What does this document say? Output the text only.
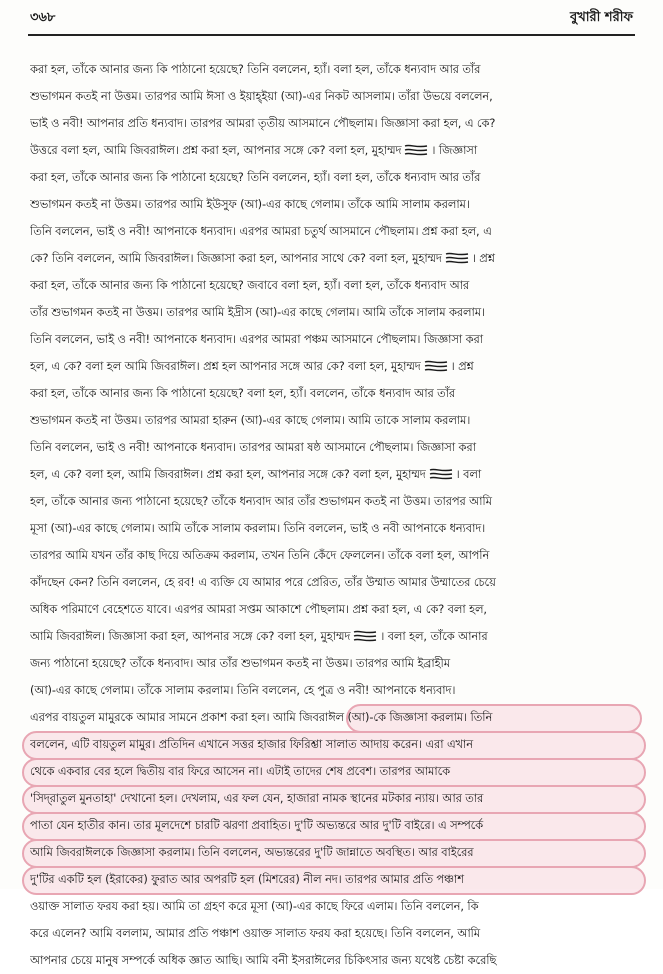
৩৬৮	বুখারী শরীফ
করা হল, তাঁকে আনার জন্য কি পাঠানো হয়েছে? তিনি বললেন, হ্যাঁ। বলা হল, তাঁকে ধন্যবাদ আর তাঁর
শুভাগমন কতই না উত্তম। তারপর আমি ঈসা ও ইয়াহ্ইয়া (আ)-এর নিকট আসলাম। তাঁরা উভয়ে বললেন,
ভাই ও নবী! আপনার প্রতি ধন্যবাদ। তারপর আমরা তৃতীয় আসমানে পৌছলাম। জিজ্ঞাসা করা হল, এ কে?
উত্তরে বলা হল, আমি জিবরাঈল। প্রশ্ন করা হল, আপনার সঙ্গে কে? বলা হল, মুহাম্মদ	। জিজ্ঞাসা
করা হল, তাঁকে আনার জন্য কি পাঠানো হয়েছে? তিনি বললেন, হ্যাঁ। বলা হল, তাঁকে ধন্যবাদ আর তাঁর
শুভাগমন কতই না উত্তম। তারপর আমি ইউসুফ (আ)-এর কাছে গেলাম। তাঁকে আমি সালাম করলাম।
তিনি বললেন, ভাই ও নবী! আপনাকে ধন্যবাদ। এরপর আমরা চতুর্থ আসমানে পৌছলাম। প্রশ্ন করা হল, এ
কে? তিনি বললেন, আমি জিবরাঈল। জিজ্ঞাসা করা হল, আপনার সাথে কে? বলা হল, মুহাম্মদ	। প্রশ্ন
করা হল, তাঁকে আনার জন্য কি পাঠানো হয়েছে? জবাবে বলা হল, হ্যাঁ। বলা হল, তাঁকে ধন্যবাদ আর
তাঁর শুভাগমন কতই না উত্তম। তারপর আমি ইদ্রীস (আ)-এর কাছে গেলাম। আমি তাঁকে সালাম করলাম।
তিনি বললেন, ভাই ও নবী! আপনাকে ধন্যবাদ। এরপর আমরা পঞ্চম আসমানে পৌছলাম। জিজ্ঞাসা করা
হল, এ কে? বলা হল আমি জিবরাঈল। প্রশ্ন হল আপনার সঙ্গে আর কে? বলা হল, মুহাম্মদ	। প্রশ্ন
করা হল, তাঁকে আনার জন্য কি পাঠানো হয়েছে? বলা হল, হ্যাঁ। বললেন, তাঁকে ধন্যবাদ আর তাঁর
শুভাগমন কতই না উত্তম। তারপর আমরা হারুন (আ)-এর কাছে গেলাম। আমি তাকে সালাম করলাম।
তিনি বললেন, ভাই ও নবী! আপনাকে ধন্যবাদ। তারপর আমরা ষষ্ঠ আসমানে পৌছলাম। জিজ্ঞাসা করা
হল, এ কে? বলা হল, আমি জিবরাঈল। প্রশ্ন করা হল, আপনার সঙ্গে কে? বলা হল, মুহাম্মদ	। বলা
হল, তাঁকে আনার জন্য পাঠানো হয়েছে? তাঁকে ধন্যবাদ আর তাঁর শুভাগমন কতই না উত্তম। তারপর আমি
মূসা (আ)-এর কাছে গেলাম। আমি তাঁকে সালাম করলাম। তিনি বললেন, ভাই ও নবী আপনাকে ধন্যবাদ।
তারপর আমি যখন তাঁর কাছ দিয়ে অতিক্রম করলাম, তখন তিনি কেঁদে ফেললেন। তাঁকে বলা হল, আপনি
কাঁদছেন কেন? তিনি বললেন, হে রব! এ ব্যক্তি যে আমার পরে প্রেরিত, তাঁর উম্মাত আমার উম্মাতের চেয়ে
অধিক পরিমাণে বেহেশতে যাবে। এরপর আমরা সপ্তম আকাশে পৌছলাম। প্রশ্ন করা হল, এ কে? বলা হল,
আমি জিবরাঈল। জিজ্ঞাসা করা হল, আপনার সঙ্গে কে? বলা হল, মুহাম্মদ	। বলা হল, তাঁকে আনার
জন্য পাঠানো হয়েছে? তাঁকে ধন্যবাদ। আর তাঁর শুভাগমন কতই না উত্তম। তারপর আমি ইব্রাহীম
(আ)-এর কাছে গেলাম। তাঁকে সালাম করলাম। তিনি বললেন, হে পুত্র ও নবী! আপনাকে ধন্যবাদ।
এরপর বায়তুল মামুরকে আমার সামনে প্রকাশ করা হল। আমি জিবরাঈল (আ)-কে জিজ্ঞাসা করলাম। তিনি
বললেন, এটি বায়তুল মামুর। প্রতিদিন এখানে সত্তর হাজার ফিরিশ্তা সালাত আদায় করেন। এরা এখান
থেকে একবার বের হলে দ্বিতীয় বার ফিরে আসেন না। এটাই তাদের শেষ প্রবেশ। তারপর আমাকে
'সিদ্‌রাতুল মুনতাহা' দেখানো হল। দেখলাম, এর ফল যেন, হাজারা নামক স্থানের মটকার ন্যায়। আর তার
পাতা যেন হাতীর কান। তার মূলদেশে চারটি ঝরণা প্রবাহিত। দু'টি অভ্যন্তরে আর দু'টি বাইরে। এ সম্পর্কে
আমি জিবরাঈলকে জিজ্ঞাসা করলাম। তিনি বললেন, অভ্যন্তরের দু'টি জান্নাতে অবস্থিত। আর বাইরের
দু'টির একটি হল (ইরাকের) ফুরাত আর অপরটি হল (মিশরের) নীল নদ। তারপর আমার প্রতি পঞ্চাশ
ওয়াক্ত সালাত ফরয করা হয়। আমি তা গ্রহণ করে মূসা (আ)-এর কাছে ফিরে এলাম। তিনি বললেন, কি
করে এলেন? আমি বললাম, আমার প্রতি পঞ্চাশ ওয়াক্ত সালাত ফরয করা হয়েছে। তিনি বললেন, আমি
আপনার চেয়ে মানুষ সম্পর্কে অধিক জ্ঞাত আছি। আমি বনী ইসরাঈলের চিকিৎসার জন্য যথেষ্ট চেষ্টা করেছি
